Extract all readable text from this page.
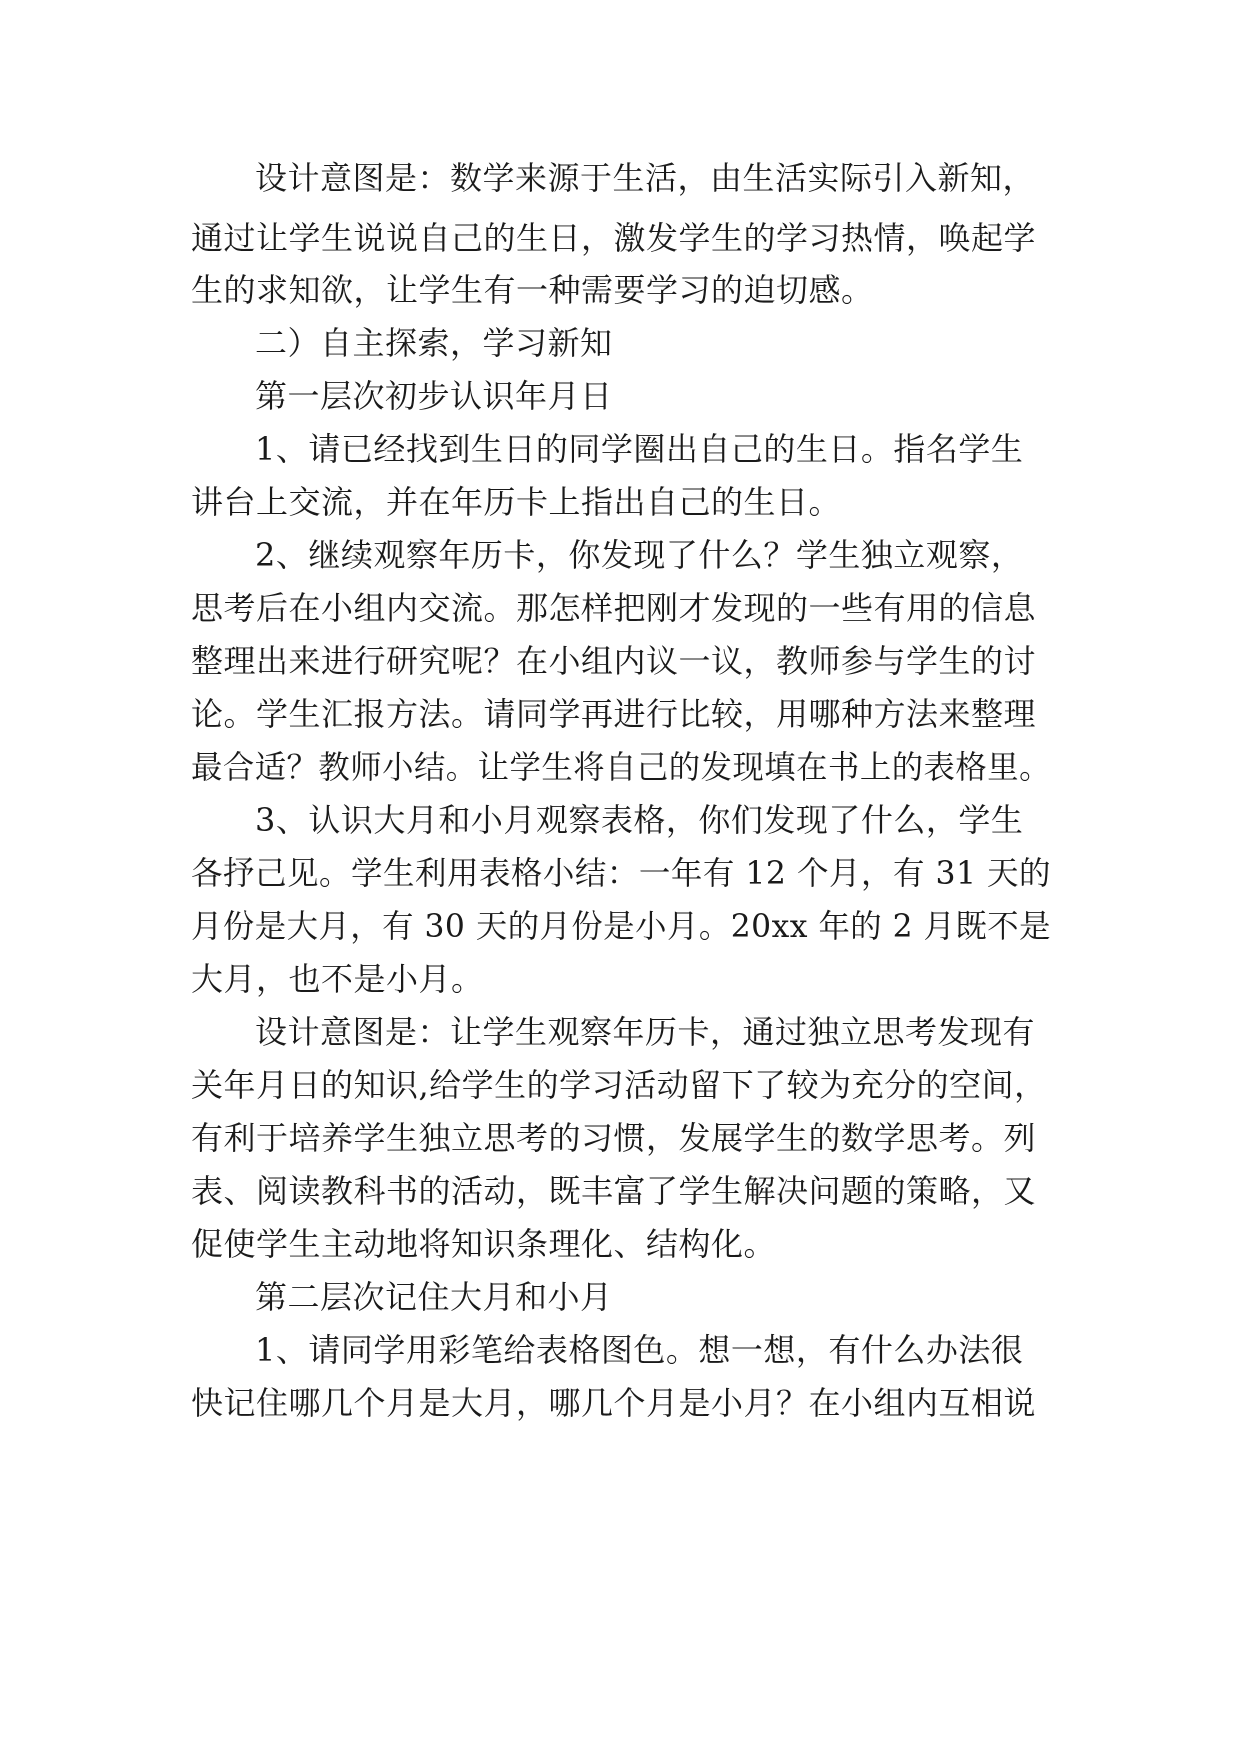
设计意图是：数学来源于生活，由生活实际引入新知，
通过让学生说说自己的生日，激发学生的学习热情，唤起学
生的求知欲，让学生有一种需要学习的迫切感。
二）自主探索，学习新知
第一层次初步认识年月日
1、请已经找到生日的同学圈出自己的生日。指名学生
讲台上交流，并在年历卡上指出自己的生日。
2、继续观察年历卡，你发现了什么？学生独立观察，
思考后在小组内交流。那怎样把刚才发现的一些有用的信息
整理出来进行研究呢？在小组内议一议，教师参与学生的讨
论。学生汇报方法。请同学再进行比较，用哪种方法来整理
最合适？教师小结。让学生将自己的发现填在书上的表格里。
3、认识大月和小月观察表格，你们发现了什么，学生
各抒己见。学生利用表格小结：一年有 12 个月，有 31 天的
月份是大月，有 30 天的月份是小月。20xx 年的 2 月既不是
大月，也不是小月。
设计意图是：让学生观察年历卡，通过独立思考发现有
关年月日的知识,给学生的学习活动留下了较为充分的空间，
有利于培养学生独立思考的习惯，发展学生的数学思考。列
表、阅读教科书的活动，既丰富了学生解决问题的策略，又
促使学生主动地将知识条理化、结构化。
第二层次记住大月和小月
1、请同学用彩笔给表格图色。想一想，有什么办法很
快记住哪几个月是大月，哪几个月是小月？在小组内互相说
